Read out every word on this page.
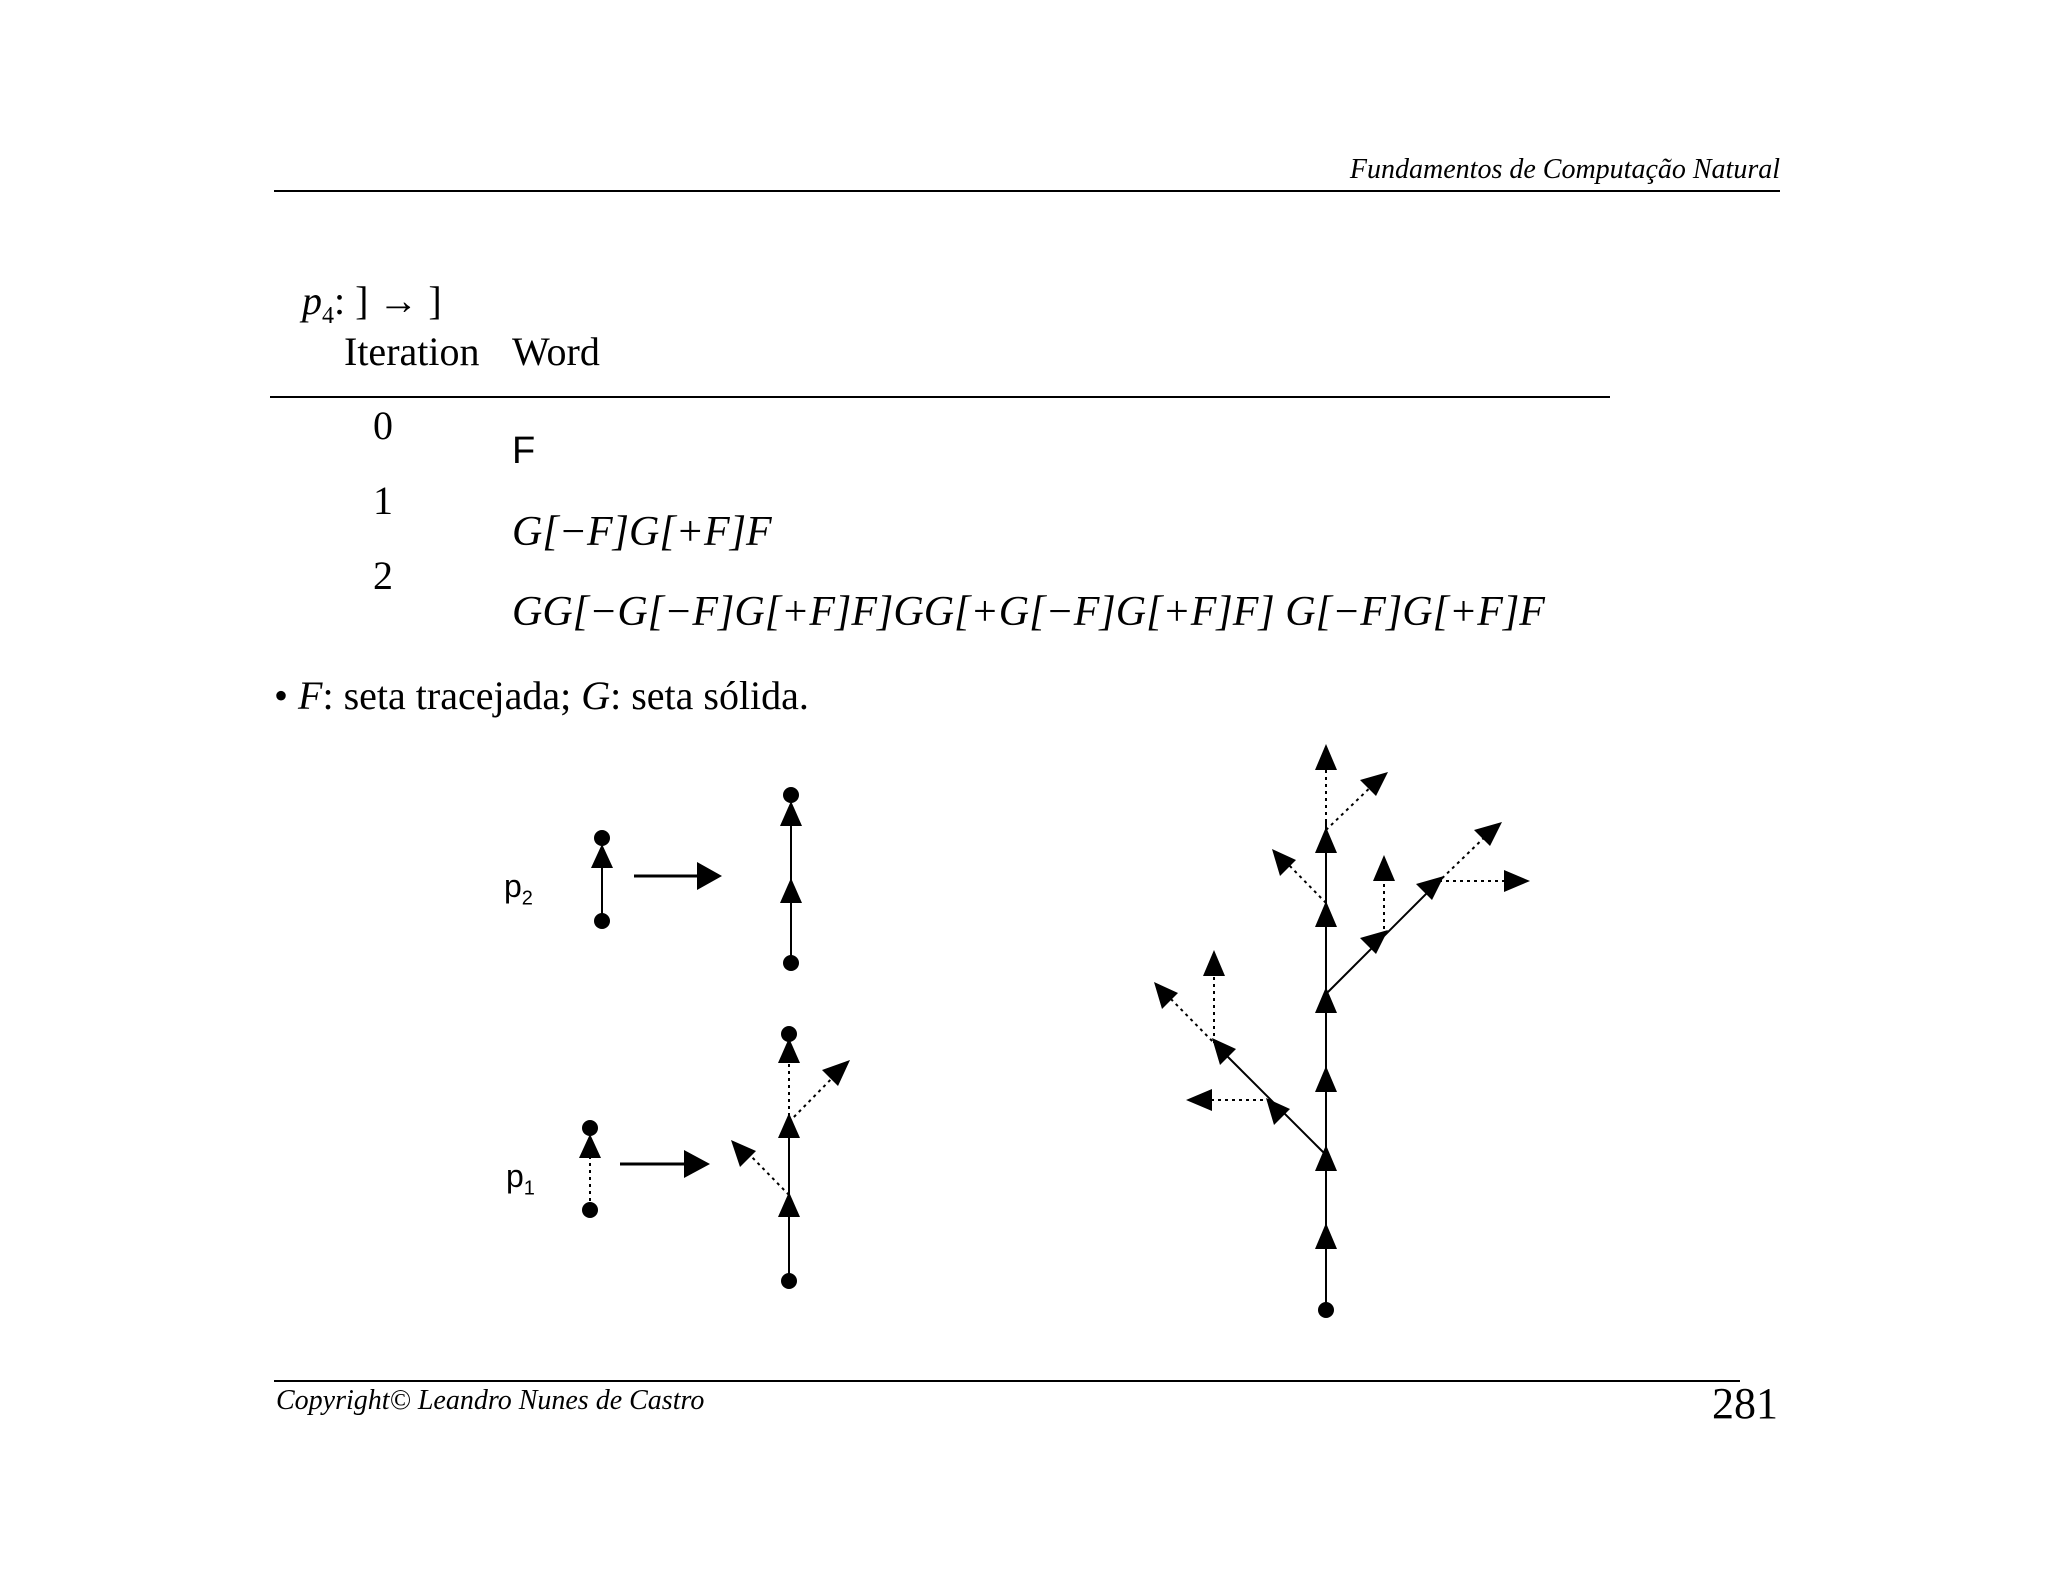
Fundamentos de Computação Natural
$p_4$: ] → ]
Iteration Word
0
F
1
G[−F]G[+F]F
2
GG[−G[−F]G[+F]F]GG[+G[−F]G[+F]F] G[−F]G[+F]F
• F: seta tracejada; G: seta sólida.
$p_2$
$p_1$
Copyright© Leandro Nunes de Castro	281
